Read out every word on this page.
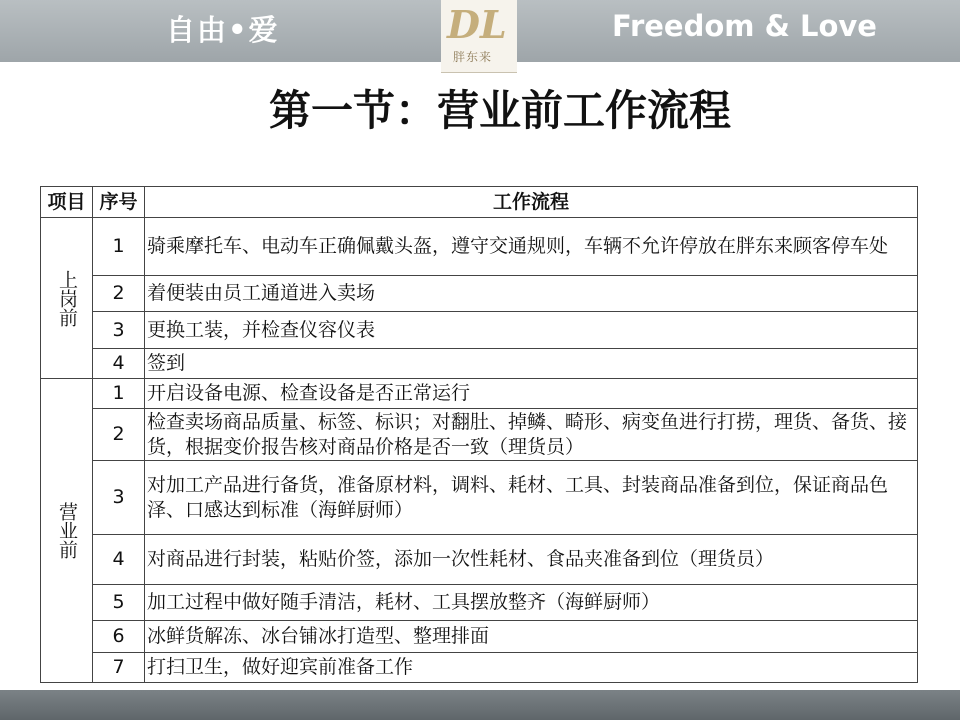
自由•爱	Freedom & Love
DL
胖东来
第一节：营业前工作流程
项目	序号	工作流程
上岗前	1	骑乘摩托车、电动车正确佩戴头盔，遵守交通规则，车辆不允许停放在胖东来顾客停车处
	2	着便装由员工通道进入卖场
	3	更换工装，并检查仪容仪表
	4	签到
营业前	1	开启设备电源、检查设备是否正常运行
	2	检查卖场商品质量、标签、标识；对翻肚、掉鳞、畸形、病变鱼进行打捞，理货、备货、接货，根据变价报告核对商品价格是否一致（理货员）
	3	对加工产品进行备货，准备原材料，调料、耗材、工具、封装商品准备到位，保证商品色泽、口感达到标准（海鲜厨师）
	4	对商品进行封装，粘贴价签，添加一次性耗材、食品夹准备到位（理货员）
	5	加工过程中做好随手清洁，耗材、工具摆放整齐（海鲜厨师）
	6	冰鲜货解冻、冰台铺冰打造型、整理排面
	7	打扫卫生，做好迎宾前准备工作
